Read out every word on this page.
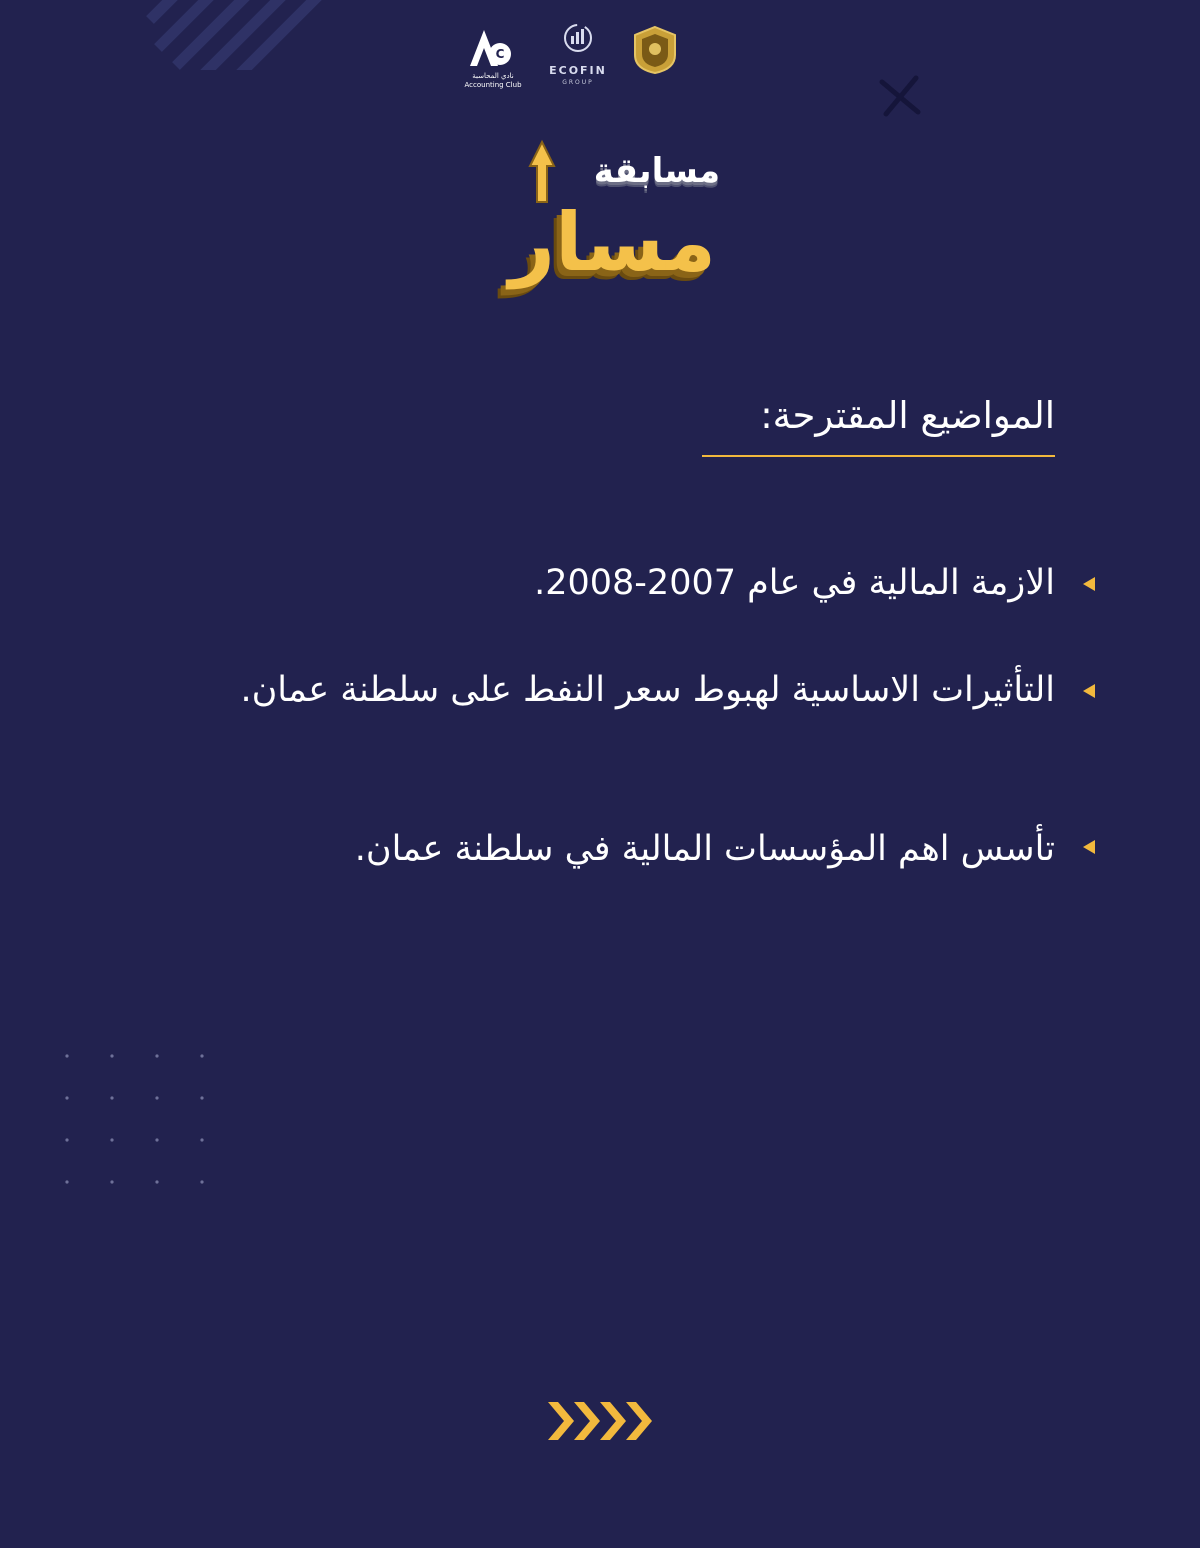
C
نادي المحاسبة
Accounting Club
ECOFIN
GROUP
مسابقة
مسار
المواضيع المقترحة:
الازمة المالية في عام 2007-2008.
التأثيرات الاساسية لهبوط سعر النفط على سلطنة عمان.
تأسس اهم المؤسسات المالية في سلطنة عمان.
